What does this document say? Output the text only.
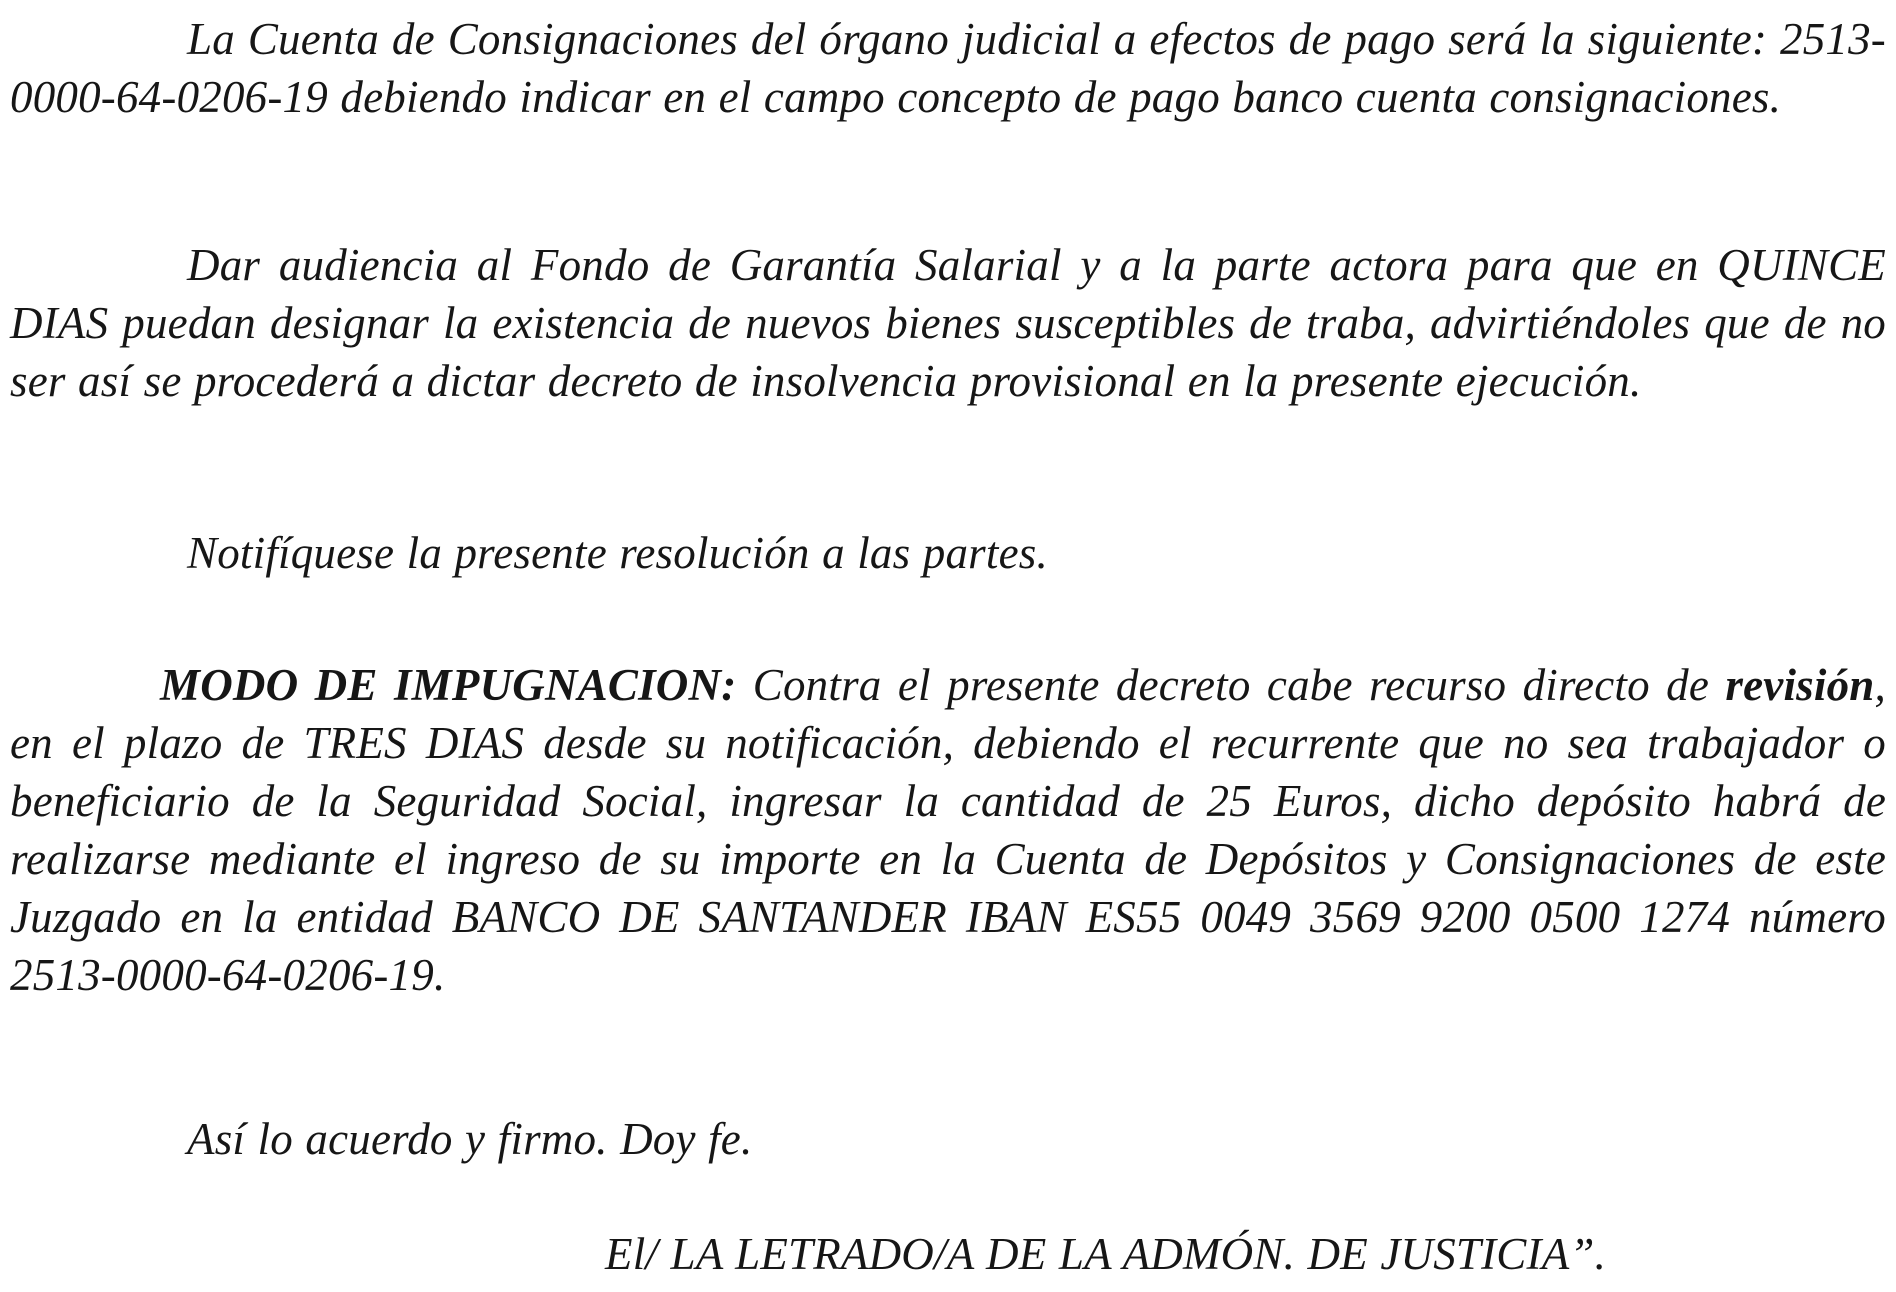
La Cuenta de Consignaciones del órgano judicial a efectos de pago será la siguiente: 2513-0000-64-0206-19 debiendo indicar en el campo concepto de pago banco cuenta consignaciones.

Dar audiencia al Fondo de Garantía Salarial y a la parte actora para que en QUINCE DIAS puedan designar la existencia de nuevos bienes susceptibles de traba, advirtiéndoles que de no ser así se procederá a dictar decreto de insolvencia provisional en la presente ejecución.

Notifíquese la presente resolución a las partes.

MODO DE IMPUGNACION: Contra el presente decreto cabe recurso directo de revisión, en el plazo de TRES DIAS desde su notificación, debiendo el recurrente que no sea trabajador o beneficiario de la Seguridad Social, ingresar la cantidad de 25 Euros, dicho depósito habrá de realizarse mediante el ingreso de su importe en la Cuenta de Depósitos y Consignaciones de este Juzgado en la entidad BANCO DE SANTANDER IBAN ES55 0049 3569 9200 0500 1274 número 2513-0000-64-0206-19.

Así lo acuerdo y firmo. Doy fe.

El/ LA LETRADO/A DE LA ADMÓN. DE JUSTICIA”.
